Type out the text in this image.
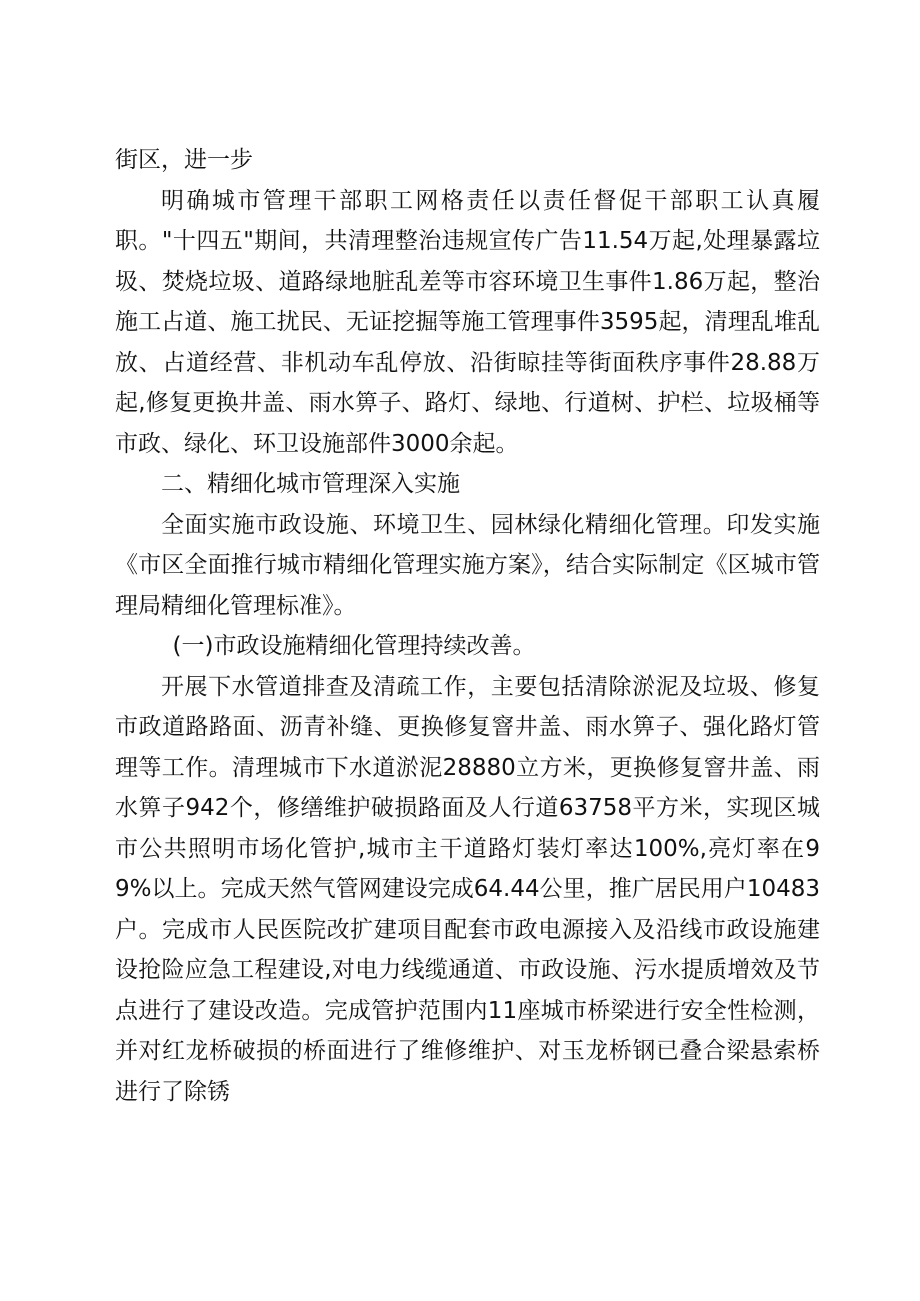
街区，进一步

明确城市管理干部职工网格责任以责任督促干部职工认真履职。"十四五"期间，共清理整治违规宣传广告11.54万起,处理暴露垃圾、焚烧垃圾、道路绿地脏乱差等市容环境卫生事件1.86万起，整治施工占道、施工扰民、无证挖掘等施工管理事件3595起，清理乱堆乱放、占道经营、非机动车乱停放、沿街晾挂等街面秩序事件28.88万起,修复更换井盖、雨水箅子、路灯、绿地、行道树、护栏、垃圾桶等市政、绿化、环卫设施部件3000余起。

二、精细化城市管理深入实施

全面实施市政设施、环境卫生、园林绿化精细化管理。印发实施《市区全面推行城市精细化管理实施方案》，结合实际制定《区城市管理局精细化管理标准》。

(一)市政设施精细化管理持续改善。

开展下水管道排查及清疏工作，主要包括清除淤泥及垃圾、修复市政道路路面、沥青补缝、更换修复窨井盖、雨水箅子、强化路灯管理等工作。清理城市下水道淤泥28880立方米，更换修复窨井盖、雨水箅子942个，修缮维护破损路面及人行道63758平方米，实现区城市公共照明市场化管护,城市主干道路灯装灯率达100%,亮灯率在99%以上。完成天然气管网建设完成64.44公里，推广居民用户10483户。完成市人民医院改扩建项目配套市政电源接入及沿线市政设施建设抢险应急工程建设,对电力线缆通道、市政设施、污水提质增效及节点进行了建设改造。完成管护范围内11座城市桥梁进行安全性检测，并对红龙桥破损的桥面进行了维修维护、对玉龙桥钢已叠合梁悬索桥进行了除锈
